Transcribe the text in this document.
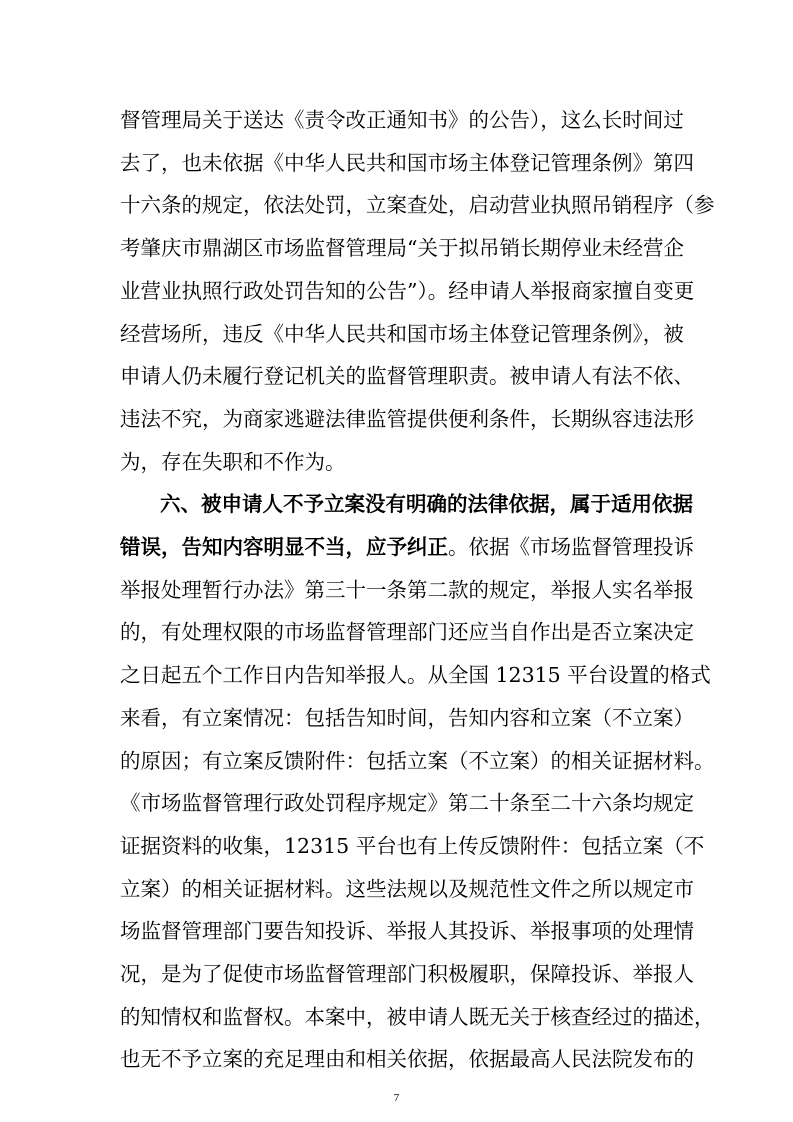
督管理局关于送达《责令改正通知书》的公告），这么长时间过
去了，也未依据《中华人民共和国市场主体登记管理条例》第四
十六条的规定，依法处罚，立案查处，启动营业执照吊销程序（参
考肇庆市鼎湖区市场监督管理局“关于拟吊销长期停业未经营企
业营业执照行政处罚告知的公告”）。经申请人举报商家擅自变更
经营场所，违反《中华人民共和国市场主体登记管理条例》，被
申请人仍未履行登记机关的监督管理职责。被申请人有法不依、
违法不究，为商家逃避法律监管提供便利条件，长期纵容违法形
为，存在失职和不作为。
六、被申请人不予立案没有明确的法律依据，属于适用依据
错误，告知内容明显不当，应予纠正。依据《市场监督管理投诉
举报处理暂行办法》第三十一条第二款的规定，举报人实名举报
的，有处理权限的市场监督管理部门还应当自作出是否立案决定
之日起五个工作日内告知举报人。从全国 12315 平台设置的格式
来看，有立案情况：包括告知时间，告知内容和立案（不立案）
的原因；有立案反馈附件：包括立案（不立案）的相关证据材料。
《市场监督管理行政处罚程序规定》第二十条至二十六条均规定
证据资料的收集，12315 平台也有上传反馈附件：包括立案（不
立案）的相关证据材料。这些法规以及规范性文件之所以规定市
场监督管理部门要告知投诉、举报人其投诉、举报事项的处理情
况，是为了促使市场监督管理部门积极履职，保障投诉、举报人
的知情权和监督权。本案中，被申请人既无关于核查经过的描述，
也无不予立案的充足理由和相关依据，依据最高人民法院发布的
7
